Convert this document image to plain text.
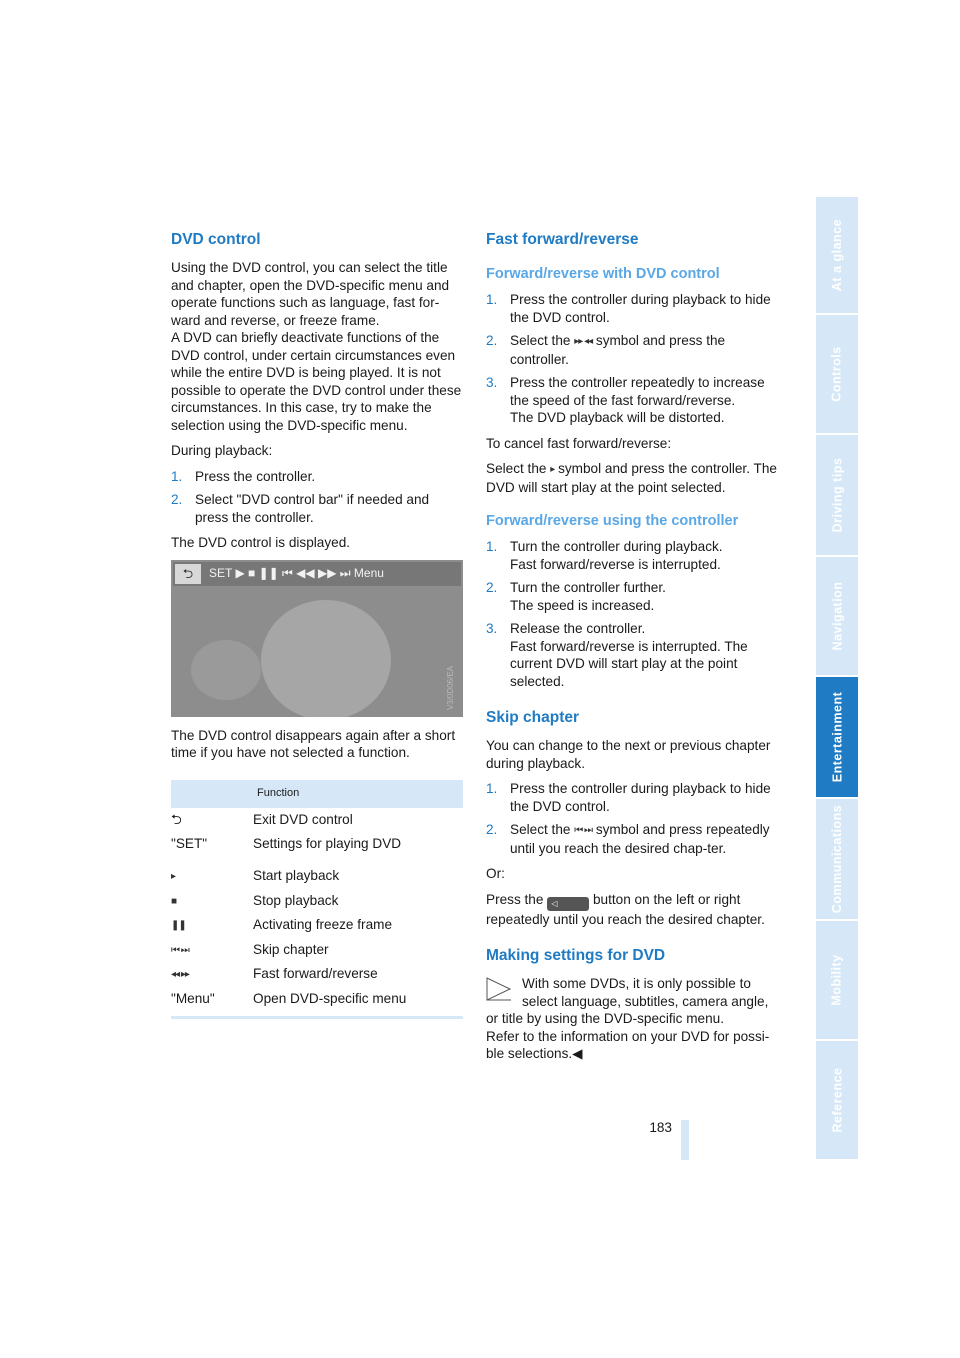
DVD control

Using the DVD control, you can select the title and chapter, open the DVD-specific menu and operate functions such as language, fast for-ward and reverse, or freeze frame.
A DVD can briefly deactivate functions of the DVD control, under certain circumstances even while the entire DVD is being played. It is not possible to operate the DVD control under these circumstances. In this case, try to make the selection using the DVD-specific menu.

During playback:

1. Press the controller.
2. Select "DVD control bar" if needed and press the controller.

The DVD control is displayed.

⮌	SET ▶ ■ ❚❚ ⏮ ◀◀ ▶▶ ⏭ Menu
V3/0D06/EA

The DVD control disappears again after a short time if you have not selected a function.

Function	
⮌	Exit DVD control
"SET"	Settings for playing DVD
▸	Start playback
■	Stop playback
❚❚	Activating freeze frame
⏮ ⏭	Skip chapter
◂◂ ▸▸	Fast forward/reverse
"Menu"	Open DVD-specific menu
Fast forward/reverse
Forward/reverse with DVD control
1. Press the controller during playback to hide the DVD control.
2. Select the ▸▸ ◂◂ symbol and press the controller.
3. Press the controller repeatedly to increase the speed of the fast forward/reverse.
The DVD playback will be distorted.

To cancel fast forward/reverse:

Select the ▸ symbol and press the controller. The DVD will start play at the point selected.

Forward/reverse using the controller
1. Turn the controller during playback.
Fast forward/reverse is interrupted.
2. Turn the controller further.
The speed is increased.
3. Release the controller.
Fast forward/reverse is interrupted. The current DVD will start play at the point selected.
Skip chapter

You can change to the next or previous chapter during playback.

1. Press the controller during playback to hide the DVD control.
2. Select the ⏮ ⏭ symbol and press repeatedly until you reach the desired chap-ter.

Or:

Press the ◁	button on the left or right repeatedly until you reach the desired chapter.

Making settings for DVD

With some DVDs, it is only possible to select language, subtitles, camera angle, or title by using the DVD-specific menu.
Refer to the information on your DVD for possi-ble selections.◀

183
At a glance
Controls
Driving tips
Navigation
Entertainment
Communications
Mobility
Reference
